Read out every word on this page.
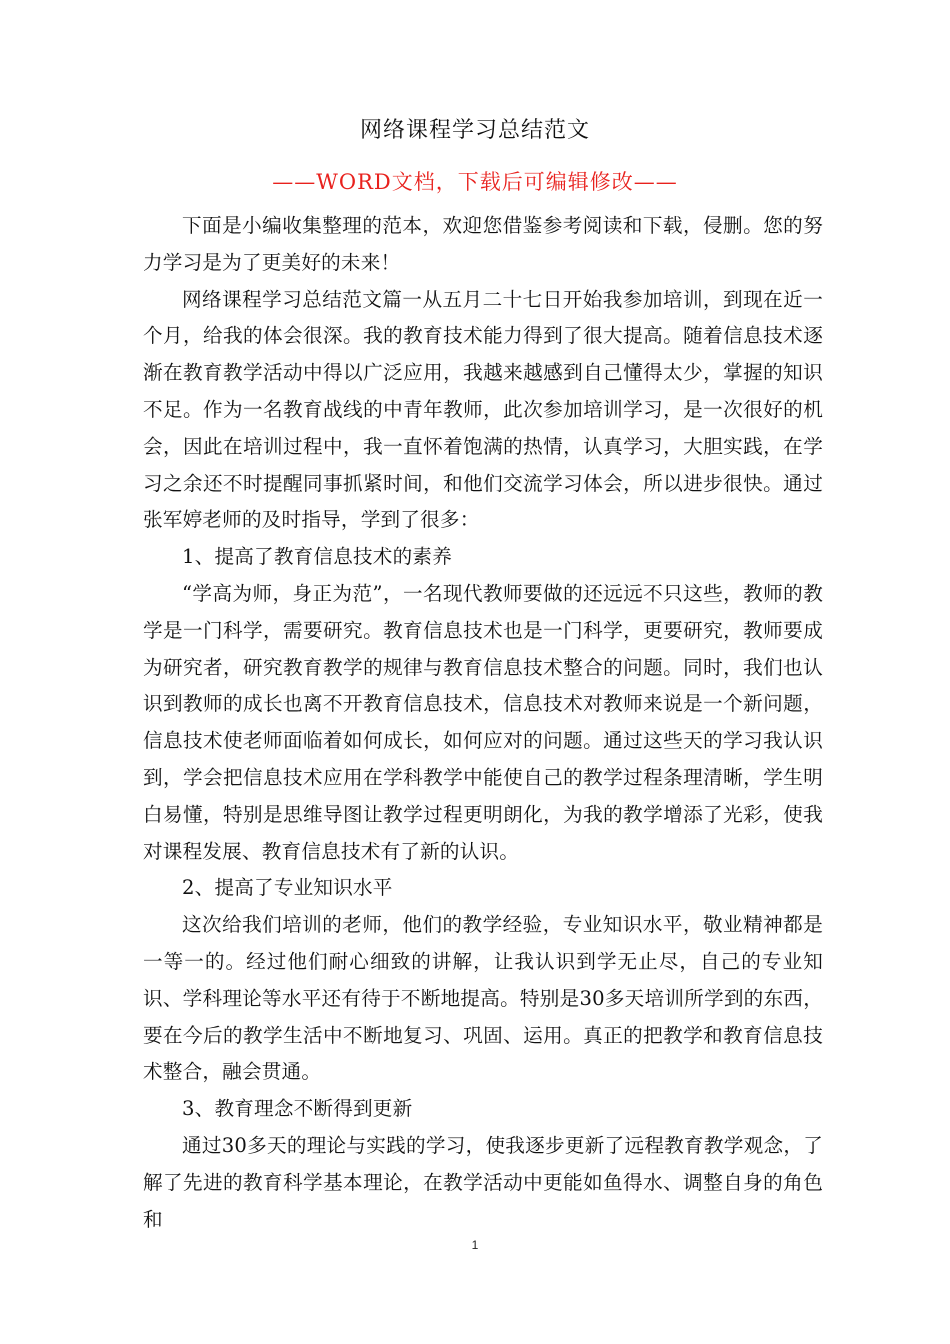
网络课程学习总结范文
——WORD文档，下载后可编辑修改——

下面是小编收集整理的范本，欢迎您借鉴参考阅读和下载，侵删。您的努力学习是为了更美好的未来！

网络课程学习总结范文篇一从五月二十七日开始我参加培训，到现在近一个月，给我的体会很深。我的教育技术能力得到了很大提高。随着信息技术逐渐在教育教学活动中得以广泛应用，我越来越感到自己懂得太少，掌握的知识不足。作为一名教育战线的中青年教师，此次参加培训学习，是一次很好的机会，因此在培训过程中，我一直怀着饱满的热情，认真学习，大胆实践，在学习之余还不时提醒同事抓紧时间，和他们交流学习体会，所以进步很快。通过张军婷老师的及时指导，学到了很多：

1、提高了教育信息技术的素养

“学高为师，身正为范”，一名现代教师要做的还远远不只这些，教师的教学是一门科学，需要研究。教育信息技术也是一门科学，更要研究，教师要成为研究者，研究教育教学的规律与教育信息技术整合的问题。同时，我们也认识到教师的成长也离不开教育信息技术，信息技术对教师来说是一个新问题，信息技术使老师面临着如何成长，如何应对的问题。通过这些天的学习我认识到，学会把信息技术应用在学科教学中能使自己的教学过程条理清晰，学生明白易懂，特别是思维导图让教学过程更明朗化，为我的教学增添了光彩，使我对课程发展、教育信息技术有了新的认识。

2、提高了专业知识水平

这次给我们培训的老师，他们的教学经验，专业知识水平，敬业精神都是一等一的。经过他们耐心细致的讲解，让我认识到学无止尽，自己的专业知识、学科理论等水平还有待于不断地提高。特别是30多天培训所学到的东西，要在今后的教学生活中不断地复习、巩固、运用。真正的把教学和教育信息技术整合，融会贯通。

3、教育理念不断得到更新

通过30多天的理论与实践的学习，使我逐步更新了远程教育教学观念，了解了先进的教育科学基本理论，在教学活动中更能如鱼得水、调整自身的角色和

1
